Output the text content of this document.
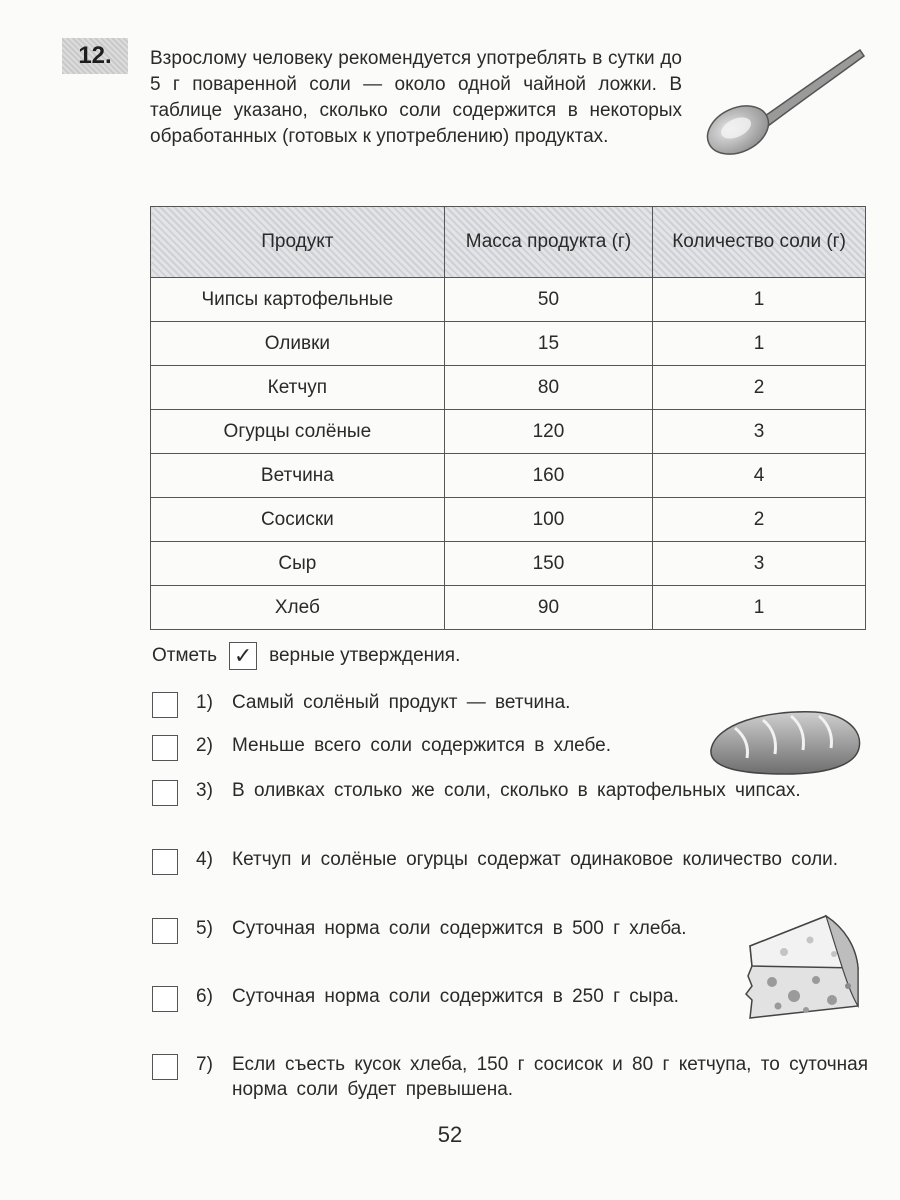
12.	Взрослому человеку рекомендуется употреблять в сутки до 5 г поваренной соли — около одной чайной ложки. В таблице указано, сколько соли содержится в некоторых обработанных (готовых к употреблению) продуктах.
Продукт	Масса продукта (г)	Количество соли (г)
Чипсы картофельные	50	1
Оливки	15	1
Кетчуп	80	2
Огурцы солёные	120	3
Ветчина	160	4
Сосиски	100	2
Сыр	150	3
Хлеб	90	1
Отметь ✓ верные утверждения.
1)	Самый солёный продукт — ветчина.
2)	Меньше всего соли содержится в хлебе.
3)	В оливках столько же соли, сколько в картофельных чипсах.
4)	Кетчуп и солёные огурцы содержат одинаковое количество соли.
5)	Суточная норма соли содержится в 500 г хлеба.
6)	Суточная норма соли содержится в 250 г сыра.
7)	Если съесть кусок хлеба, 150 г сосисок и 80 г кетчупа, то суточная норма соли будет превышена.
52
